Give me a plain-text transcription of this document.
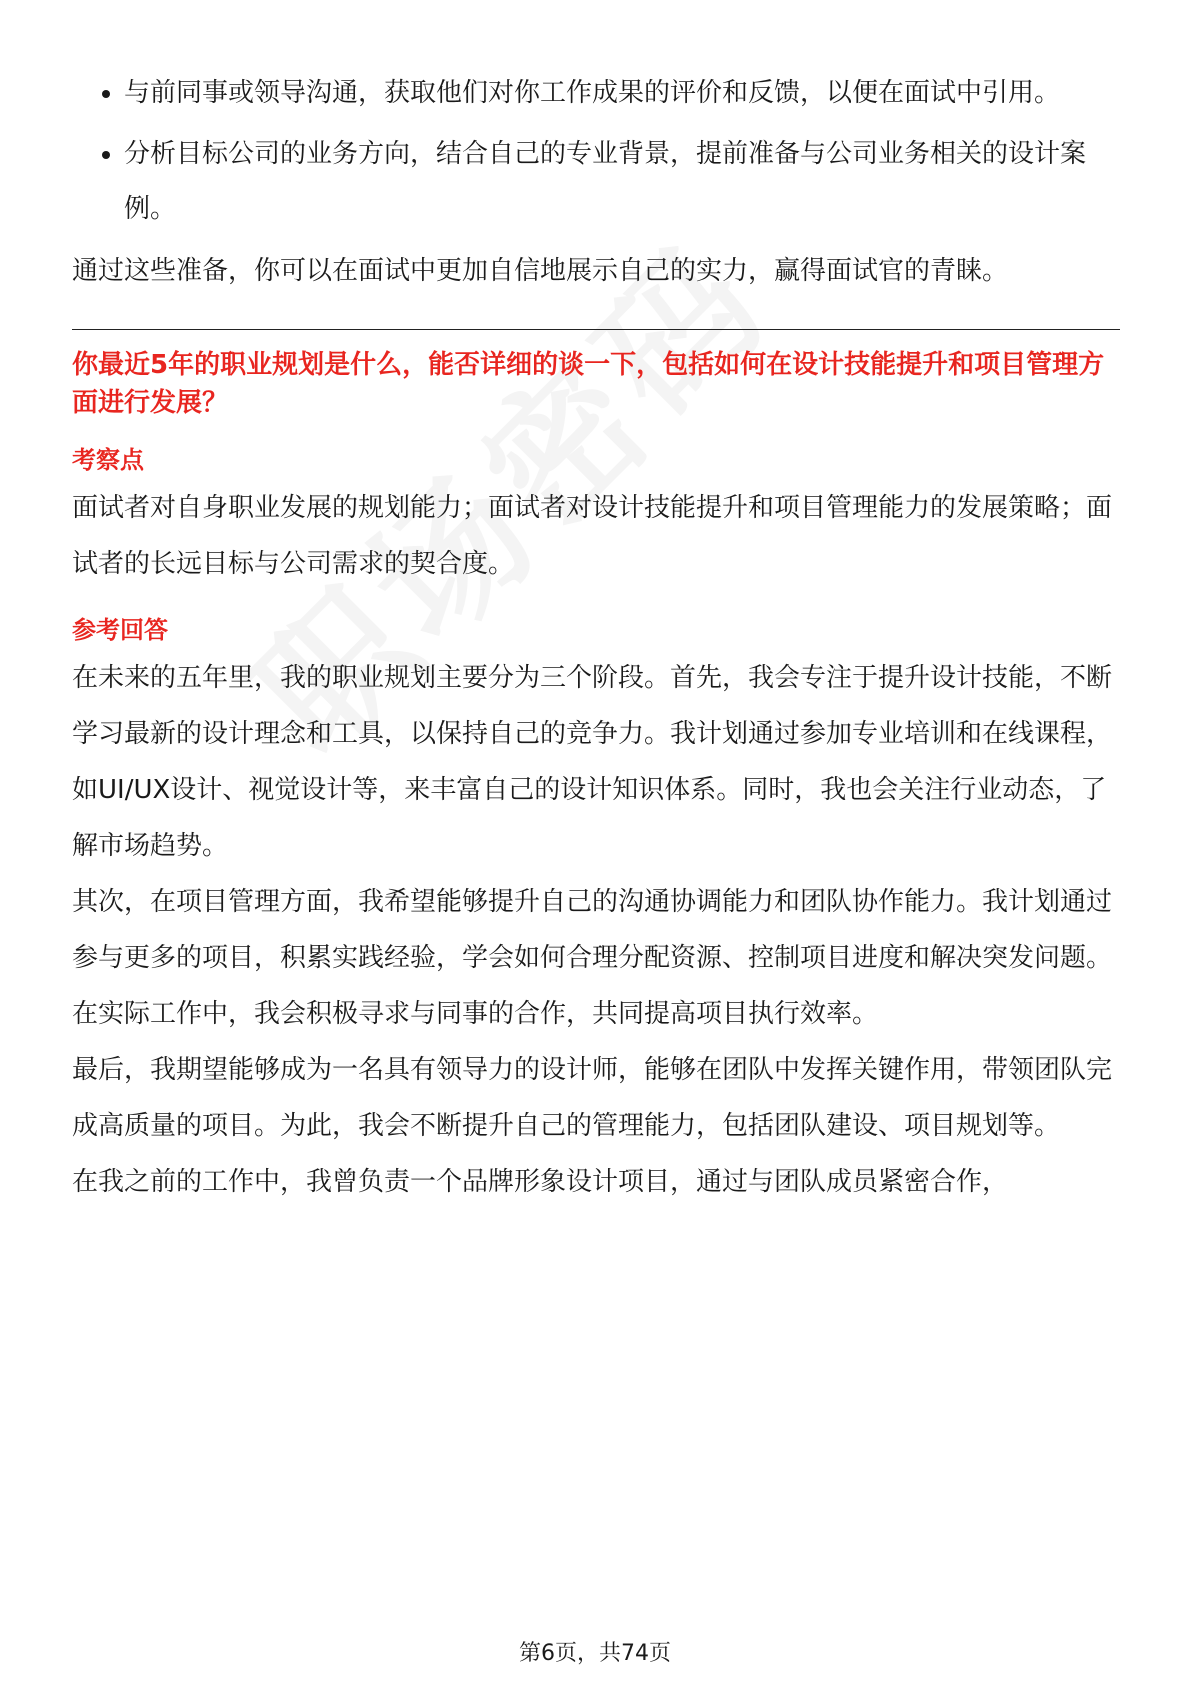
与前同事或领导沟通，获取他们对你工作成果的评价和反馈，以便在面试中引用。
分析目标公司的业务方向，结合自己的专业背景，提前准备与公司业务相关的设计案例。

通过这些准备，你可以在面试中更加自信地展示自己的实力，赢得面试官的青睐。

你最近5年的职业规划是什么，能否详细的谈一下，包括如何在设计技能提升和项目管理方面进行发展？
考察点

面试者对自身职业发展的规划能力；面试者对设计技能提升和项目管理能力的发展策略；面试者的长远目标与公司需求的契合度。

参考回答

在未来的五年里，我的职业规划主要分为三个阶段。首先，我会专注于提升设计技能，不断学习最新的设计理念和工具，以保持自己的竞争力。我计划通过参加专业培训和在线课程，如UI/UX设计、视觉设计等，来丰富自己的设计知识体系。同时，我也会关注行业动态，了解市场趋势。

其次，在项目管理方面，我希望能够提升自己的沟通协调能力和团队协作能力。我计划通过参与更多的项目，积累实践经验，学会如何合理分配资源、控制项目进度和解决突发问题。在实际工作中，我会积极寻求与同事的合作，共同提高项目执行效率。

最后，我期望能够成为一名具有领导力的设计师，能够在团队中发挥关键作用，带领团队完成高质量的项目。为此，我会不断提升自己的管理能力，包括团队建设、项目规划等。

在我之前的工作中，我曾负责一个品牌形象设计项目，通过与团队成员紧密合作，

第6页，共74页
